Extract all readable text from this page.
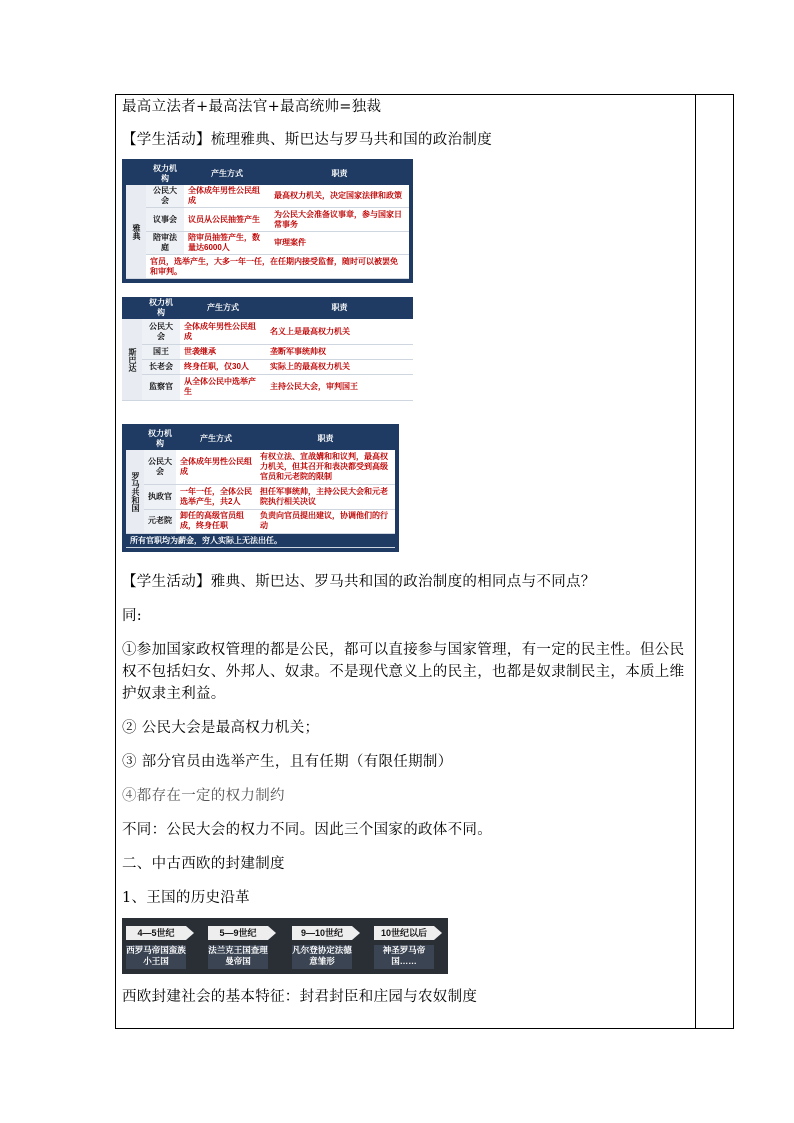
最高立法者+最高法官+最高统帅=独裁

【学生活动】梳理雅典、斯巴达与罗马共和国的政治制度

	权力机构	产生方式	职责
雅典	公民大会	全体成年男性公民组成	最高权力机关，决定国家法律和政策
	议事会	议员从公民抽签产生	为公民大会准备议事章，参与国家日常事务
	陪审法庭	陪审员抽签产生，数量达6000人	审理案件
	官员，选举产生，大多一年一任，在任期内接受监督，随时可以被罢免和审判。		
	权力机构	产生方式	职责
斯巴达	公民大会	全体成年男性公民组成	名义上是最高权力机关
	国王	世袭继承	垄断军事统帅权
	长老会	终身任职，仅30人	实际上的最高权力机关
	监察官	从全体公民中选举产生	主持公民大会，审判国王
	权力机构	产生方式	职责
罗马共和国	公民大会	全体成年男性公民组成	有权立法、宣战媾和和议判，最高权力机关，但其召开和表决都受到高级官员和元老院的限制
	执政官	一年一任，全体公民选举产生，共2人	担任军事统帅，主持公民大会和元老院执行相关决议
	元老院	卸任的高级官员组成，终身任职	负责向官员提出建议，协调他们的行动
所有官职均为薪金，穷人实际上无法出任。			

【学生活动】雅典、斯巴达、罗马共和国的政治制度的相同点与不同点？

同:

①参加国家政权管理的都是公民，都可以直接参与国家管理，有一定的民主性。但公民权不包括妇女、外邦人、奴隶。不是现代意义上的民主，也都是奴隶制民主，本质上维护奴隶主利益。

② 公民大会是最高权力机关；

③ 部分官员由选举产生，且有任期（有限任期制）

④都存在一定的权力制约

不同：公民大会的权力不同。因此三个国家的政体不同。

二、中古西欧的封建制度

1、王国的历史沿革

4—5世纪	5—9世纪	9—10世纪	10世纪以后
西罗马帝国蛮族小王国
法兰克王国查理曼帝国
凡尔登协定法德意雏形
神圣罗马帝国……

西欧封建社会的基本特征：封君封臣和庄园与农奴制度
